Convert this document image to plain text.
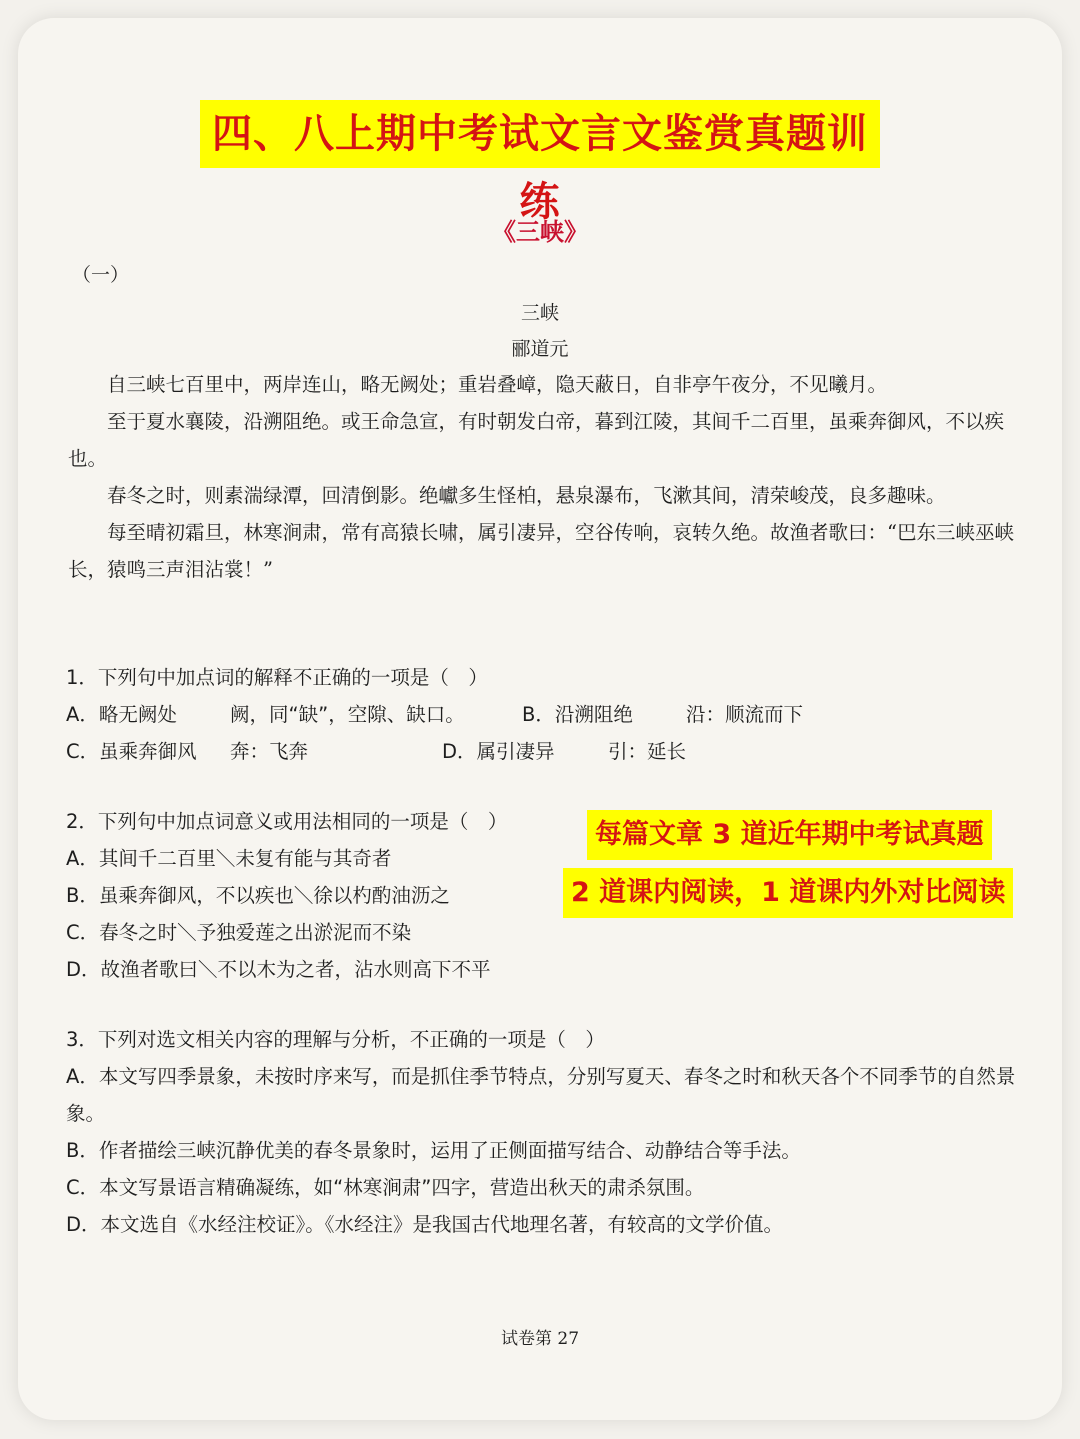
四、八上期中考试文言文鉴赏真题训练
《三峡》
（一）
三峡
郦道元

自三峡七百里中，两岸连山，略无阙处；重岩叠嶂，隐天蔽日，自非亭午夜分，不见曦月。

至于夏水襄陵，沿溯阻绝。或王命急宣，有时朝发白帝，暮到江陵，其间千二百里，虽乘奔御风，不以疾也。

春冬之时，则素湍绿潭，回清倒影。绝巘多生怪柏，悬泉瀑布，飞漱其间，清荣峻茂，良多趣味。

每至晴初霜旦，林寒涧肃，常有高猿长啸，属引凄异，空谷传响，哀转久绝。故渔者歌曰：“巴东三峡巫峡长，猿鸣三声泪沾裳！”

1．下列句中加点词的解释不正确的一项是（　）
A．略无阙处	阙，同“缺”，空隙、缺口。	B．沿溯阻绝	沿：顺流而下
C．虽乘奔御风 奔：飞奔	D．属引凄异	引：延长
2．下列句中加点词意义或用法相同的一项是（　）
A．其间千二百里＼未复有能与其奇者
B．虽乘奔御风，不以疾也＼徐以杓酌油沥之
C．春冬之时＼予独爱莲之出淤泥而不染
D．故渔者歌曰＼不以木为之者，沾水则高下不平
每篇文章 3 道近年期中考试真题
2 道课内阅读，1 道课内外对比阅读
3．下列对选文相关内容的理解与分析，不正确的一项是（　）
A．本文写四季景象，未按时序来写，而是抓住季节特点，分别写夏天、春冬之时和秋天各个不同季节的自然景象。
B．作者描绘三峡沉静优美的春冬景象时，运用了正侧面描写结合、动静结合等手法。
C．本文写景语言精确凝练，如“林寒涧肃”四字，营造出秋天的肃杀氛围。
D．本文选自《水经注校证》。《水经注》是我国古代地理名著，有较高的文学价值。
试卷第 27
